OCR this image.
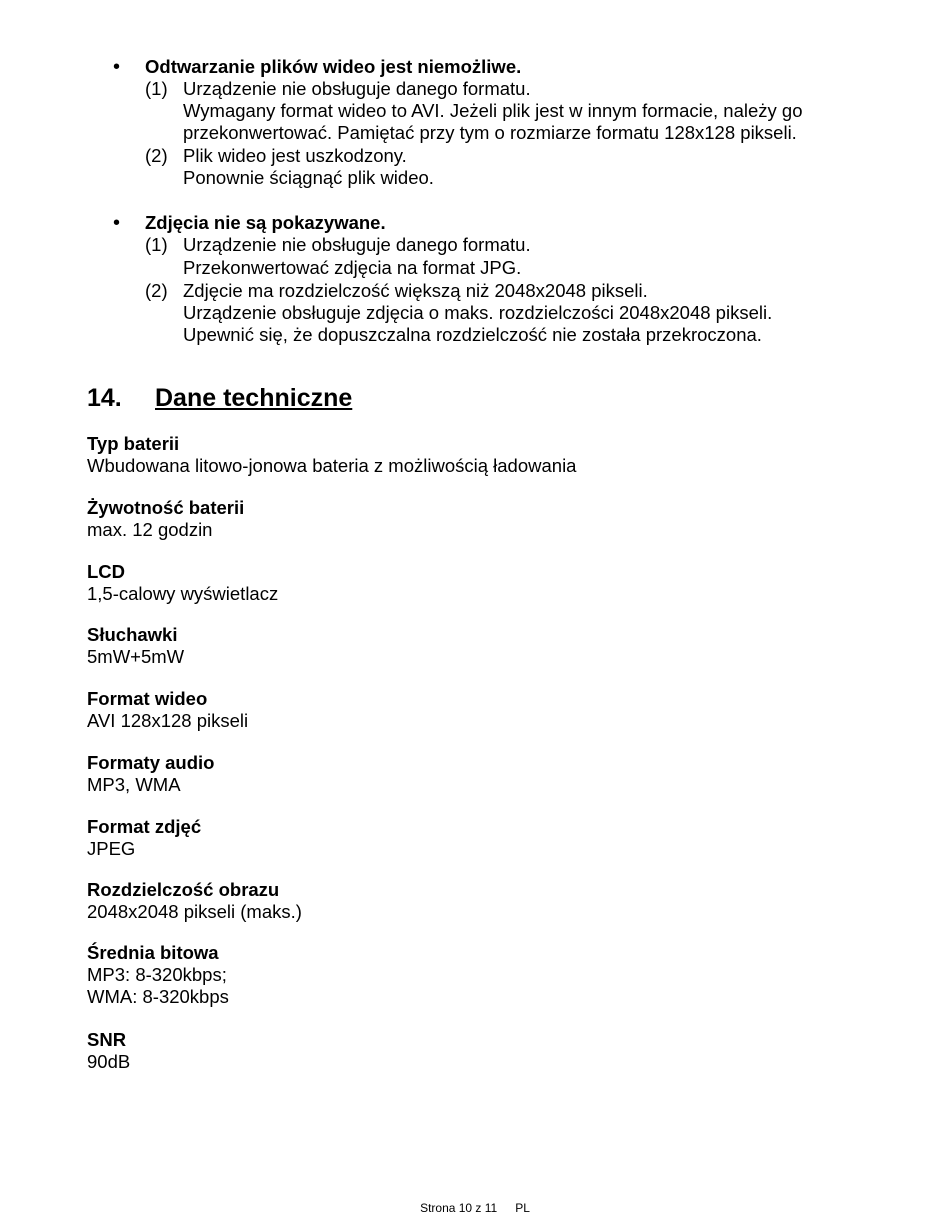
• Odtwarzanie plików wideo jest niemożliwe.
(1) Urządzenie nie obsługuje danego formatu.
Wymagany format wideo to AVI. Jeżeli plik jest w innym formacie, należy go
przekonwertować. Pamiętać przy tym o rozmiarze formatu 128x128 pikseli.
(2) Plik wideo jest uszkodzony.
Ponownie ściągnąć plik wideo.
• Zdjęcia nie są pokazywane.
(1) Urządzenie nie obsługuje danego formatu.
Przekonwertować zdjęcia na format JPG.
(2) Zdjęcie ma rozdzielczość większą niż 2048x2048 pikseli.
Urządzenie obsługuje zdjęcia o maks. rozdzielczości 2048x2048 pikseli.
Upewnić się, że dopuszczalna rozdzielczość nie została przekroczona.
14. Dane techniczne
Typ baterii
Wbudowana litowo-jonowa bateria z możliwością ładowania
Żywotność baterii
max. 12 godzin
LCD
1,5-calowy wyświetlacz
Słuchawki
5mW+5mW
Format wideo
AVI 128x128 pikseli
Formaty audio
MP3, WMA
Format zdjęć
JPEG
Rozdzielczość obrazu
2048x2048 pikseli (maks.)
Średnia bitowa
MP3: 8-320kbps;
WMA: 8-320kbps
SNR
90dB
Strona 10 z 11 PL
